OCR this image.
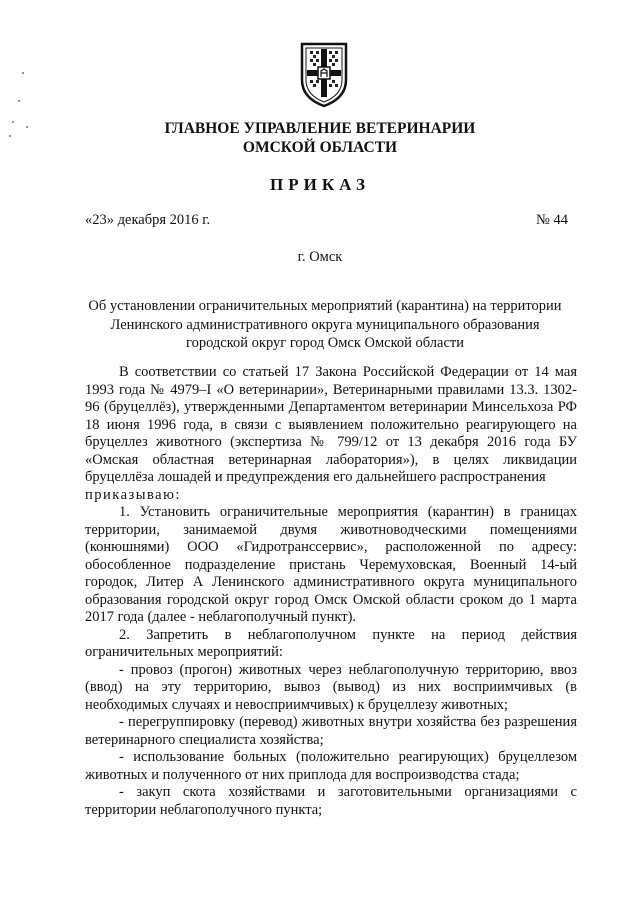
ГЛАВНОЕ УПРАВЛЕНИЕ ВЕТЕРИНАРИИ
ОМСКОЙ ОБЛАСТИ
ПРИКАЗ
«23» декабря 2016 г.	№ 44
г. Омск
Об установлении ограничительных мероприятий (карантина) на территории
Ленинского административного округа муниципального образования
городской округ город Омск Омской области

В соответствии со статьей 17 Закона Российской Федерации от 14 мая 1993 года № 4979–I «О ветеринарии», Ветеринарными правилами 13.3. 1302-96 (бруцеллёз), утвержденными Департаментом ветеринарии Минсельхоза РФ 18 июня 1996 года, в связи с выявлением положительно реагирующего на бруцеллез животного (экспертиза № 799/12 от 13 декабря 2016 года БУ «Омская областная ветеринарная лаборатория»), в целях ликвидации бруцеллёза лошадей и предупреждения его дальнейшего распространения

приказываю:

1. Установить ограничительные мероприятия (карантин) в границах территории, занимаемой двумя животноводческими помещениями (конюшнями) ООО «Гидротранссервис», расположенной по адресу: обособленное подразделение пристань Черемуховская, Военный 14-ый городок, Литер А Ленинского административного округа муниципального образования городской округ город Омск Омской области сроком до 1 марта 2017 года (далее - неблагополучный пункт).

2. Запретить в неблагополучном пункте на период действия ограничительных мероприятий:

- провоз (прогон) животных через неблагополучную территорию, ввоз (ввод) на эту территорию, вывоз (вывод) из них восприимчивых (в необходимых случаях и невосприимчивых) к бруцеллезу животных;

- перегруппировку (перевод) животных внутри хозяйства без разрешения ветеринарного специалиста хозяйства;

- использование больных (положительно реагирующих) бруцеллезом животных и полученного от них приплода для воспроизводства стада;

- закуп скота хозяйствами и заготовительными организациями с территории неблагополучного пункта;
